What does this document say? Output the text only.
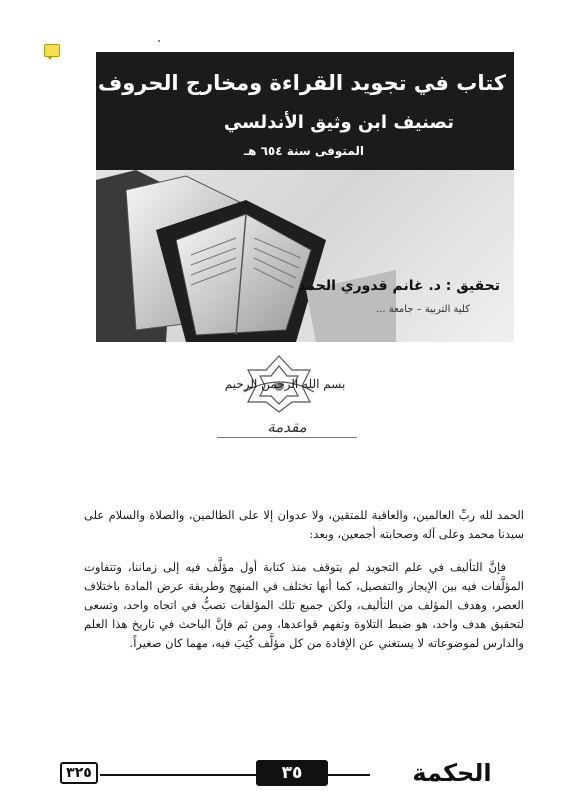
كتاب في تجويد القراءة ومخارج الحروف

تصنيف ابن وثيق الأندلسي

المتوفى سنة ٦٥٤ هـ

تحقيق : د. غانم قدوري الحمد

كلية التربية – جامعة ...

بسم الله الرحمن الرحيم

مقدمة

الحمد لله ربِّ العالمين، والعاقبة للمتقين، ولا عدوان إلا على الظالمين، والصلاة والسلام على سيدنا محمد وعلى آله وصحابته أجمعين، وبعد:

فإنَّ التأليف في علم التجويد لم يتوقف منذ كتابة أول مؤلَّف فيه إلى زماننا، وتتفاوت المؤلَّفات فيه بين الإيجاز والتفصيل، كما أنها تختلف في المنهج وطريقة عرض المادة باختلاف العصر، وهدف المؤلف من التأليف، ولكن جميع تلك المؤلفات تصبُّ في اتجاه واحد، وتسعى لتحقيق هدف واحد، هو ضبط التلاوة وتفهم قواعدها، ومن ثم فإنَّ الباحث في تاريخ هذا العلم والدارس لموضوعاته لا يستغني عن الإفادة من كل مؤلَّف كُتِبَ فيه، مهما كان صغيراً.

٣٢٥	٣٥	الحكمة
